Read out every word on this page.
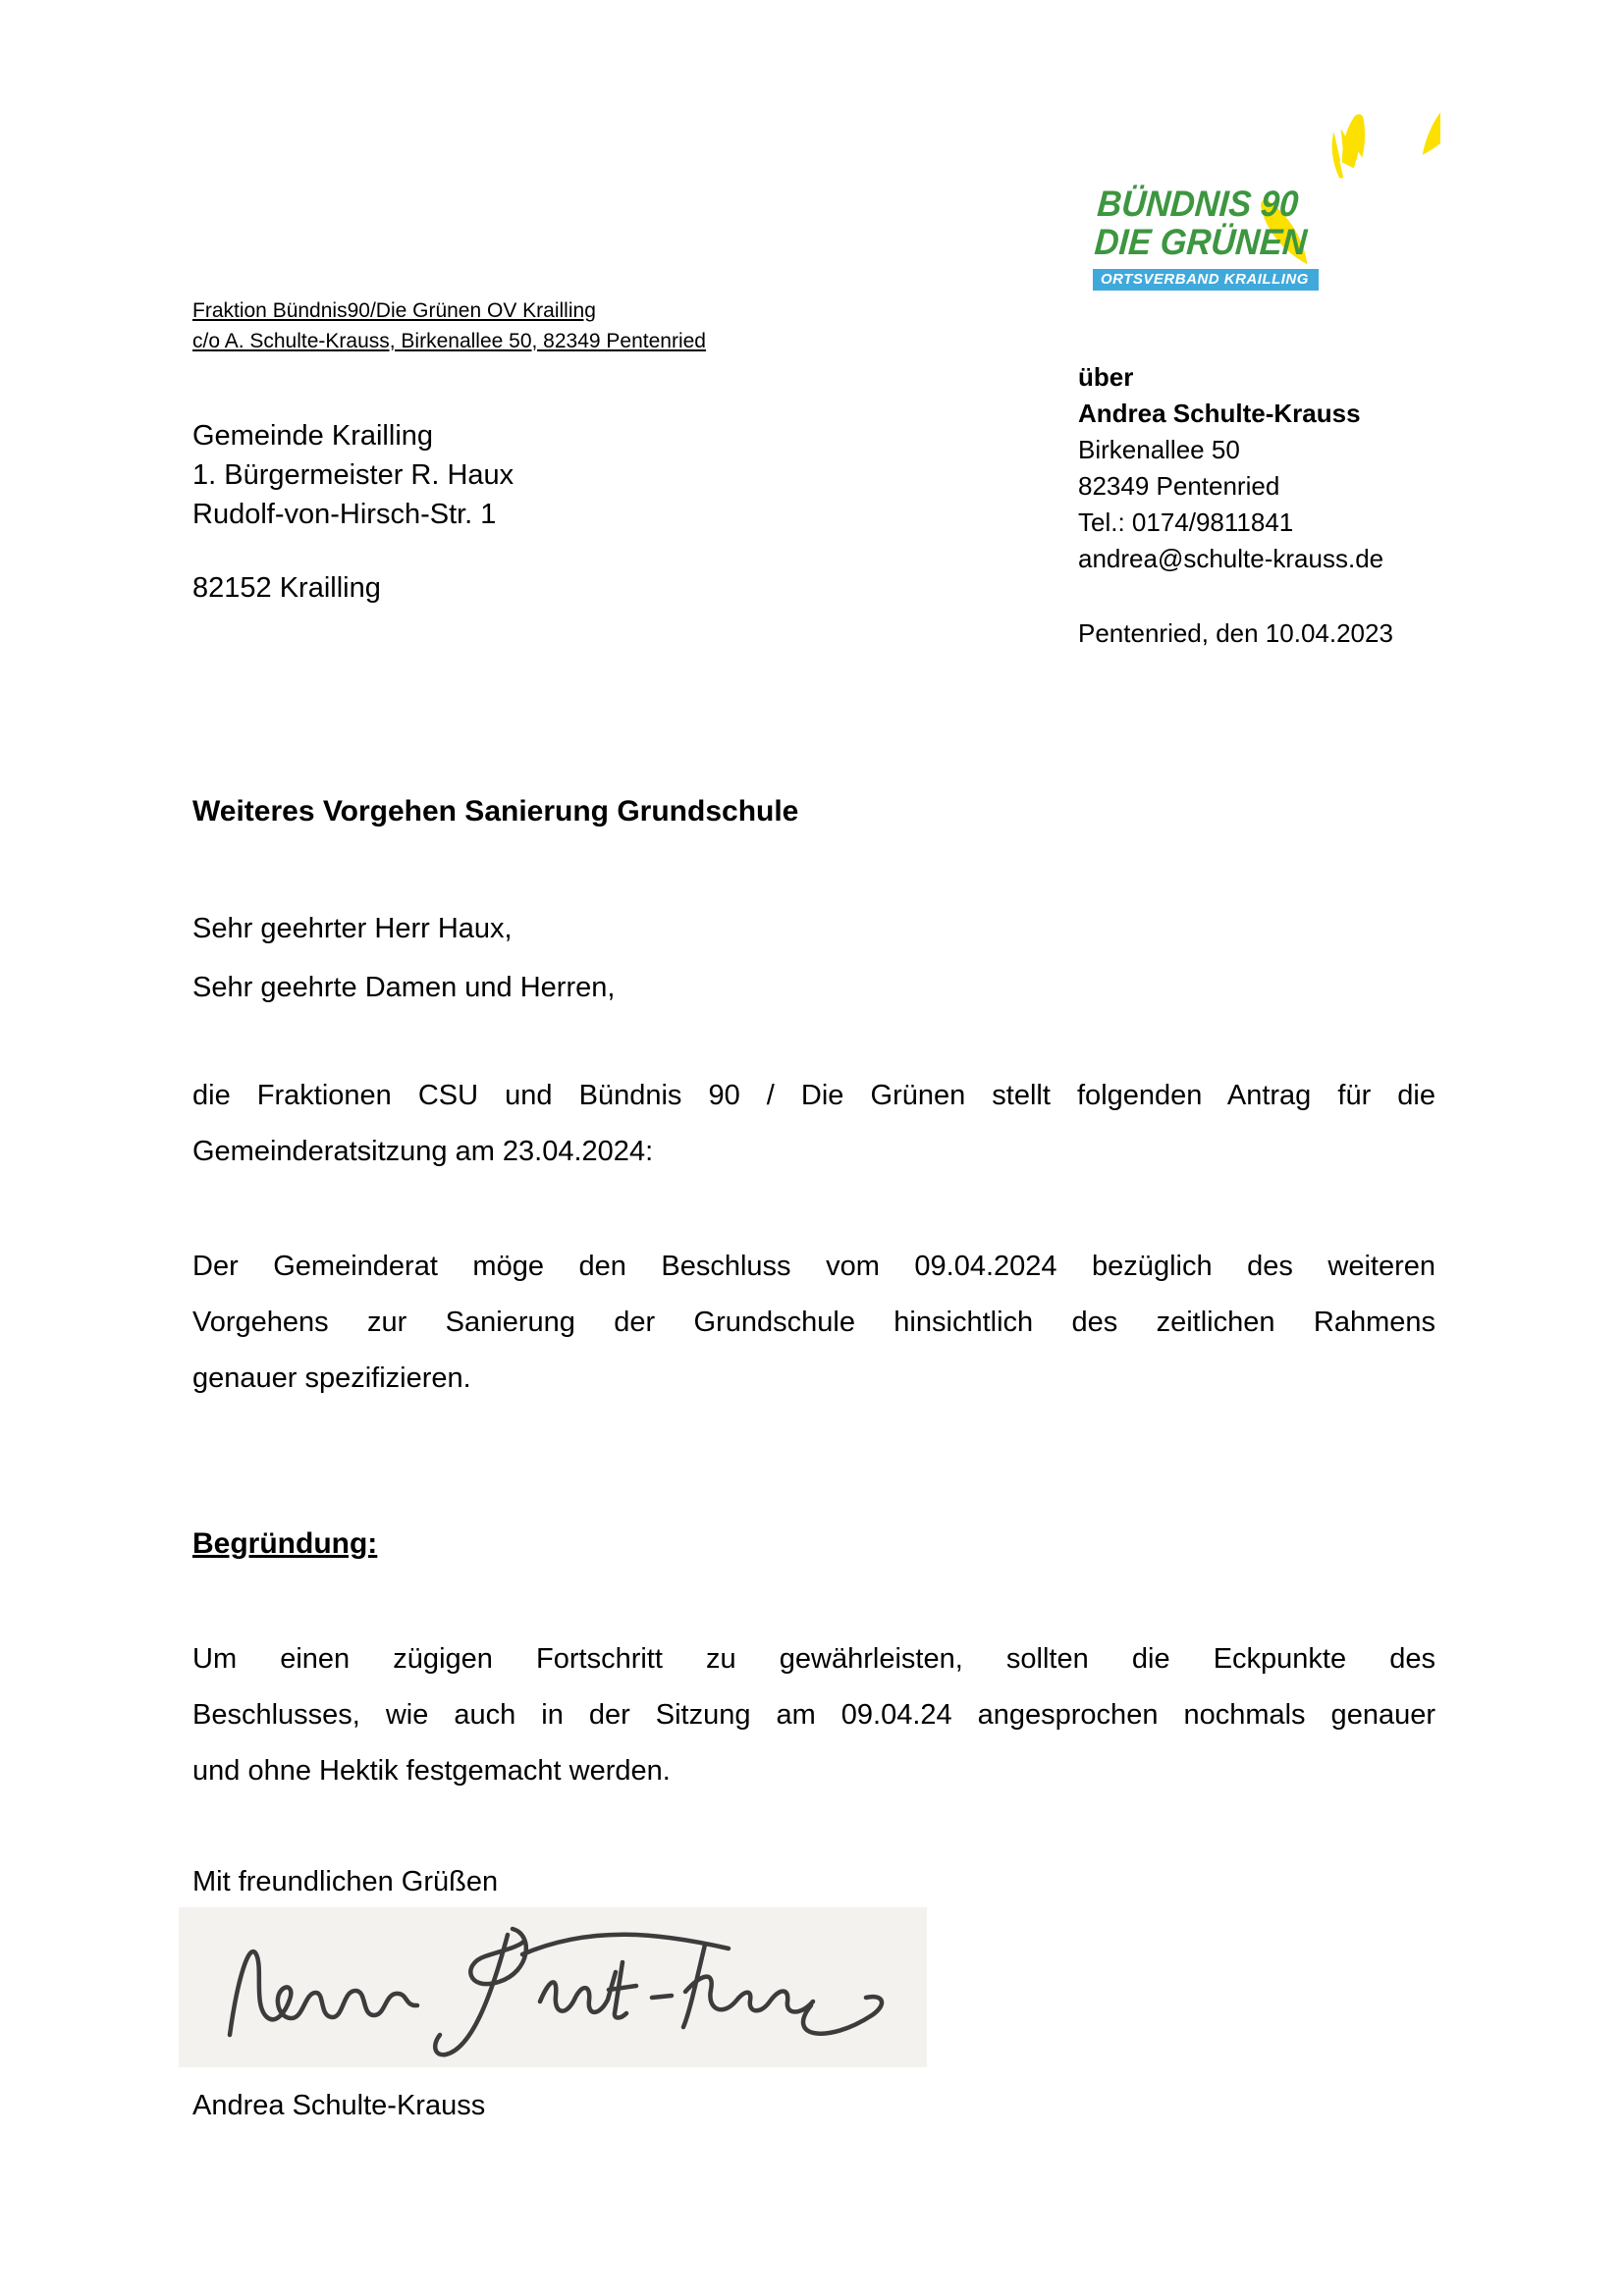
BÜNDNIS 90
DIE GRÜNEN
ORTSVERBAND KRAILLING
Fraktion Bündnis90/Die Grünen OV Krailling
c/o A. Schulte-Krauss, Birkenallee 50, 82349 Pentenried
Gemeinde Krailling
1. Bürgermeister R. Haux
Rudolf-von-Hirsch-Str. 1
82152 Krailling
über
Andrea Schulte-Krauss
Birkenallee 50
82349 Pentenried
Tel.: 0174/9811841
andrea@schulte-krauss.de
Pentenried, den 10.04.2023
Weiteres Vorgehen Sanierung Grundschule
Sehr geehrter Herr Haux,
Sehr geehrte Damen und Herren,
die Fraktionen CSU und Bündnis 90 / Die Grünen stellt folgenden Antrag für die
Gemeinderatsitzung am 23.04.2024:
Der Gemeinderat möge den Beschluss vom 09.04.2024 bezüglich des weiteren
Vorgehens zur Sanierung der Grundschule hinsichtlich des zeitlichen Rahmens
genauer spezifizieren.
Begründung:
Um einen zügigen Fortschritt zu gewährleisten, sollten die Eckpunkte des
Beschlusses, wie auch in der Sitzung am 09.04.24 angesprochen nochmals genauer
und ohne Hektik festgemacht werden.
Mit freundlichen Grüßen
Andrea Schulte-Krauss
